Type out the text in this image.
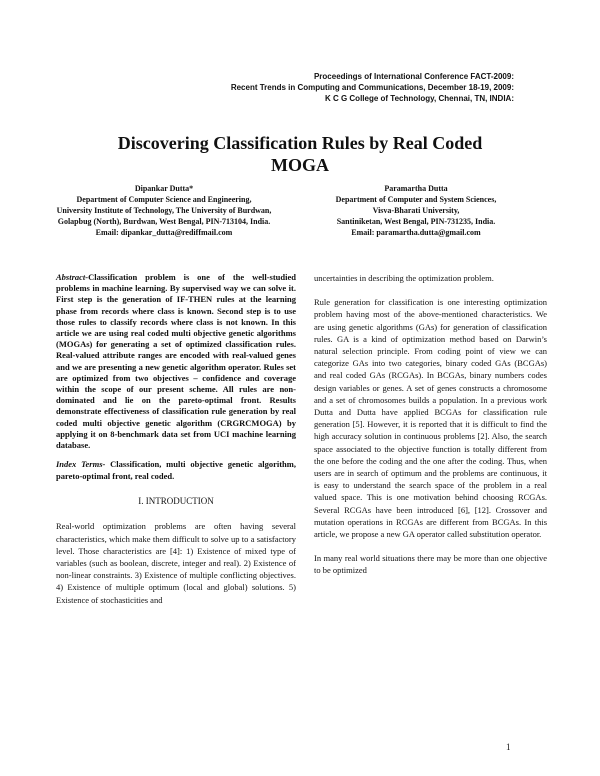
Proceedings of International Conference FACT-2009:
Recent Trends in Computing and Communications, December 18-19, 2009:
K C G College of Technology, Chennai, TN, INDIA:
Discovering Classification Rules by Real Coded
MOGA
Dipankar Dutta*
Department of Computer Science and Engineering,
University Institute of Technology, The University of Burdwan, Golapbug (North), Burdwan, West Bengal, PIN-713104, India.
Email: dipankar_dutta@rediffmail.com
Paramartha Dutta
Department of Computer and System Sciences,
Visva-Bharati University,
Santiniketan, West Bengal, PIN-731235, India.
Email: paramartha.dutta@gmail.com

Abstract-Classification problem is one of the well-studied problems in machine learning. By supervised way we can solve it. First step is the generation of IF-THEN rules at the learning phase from records where class is known. Second step is to use those rules to classify records where class is not known. In this article we are using real coded multi objective genetic algorithms (MOGAs) for generating a set of optimized classification rules. Real-valued attribute ranges are encoded with real-valued genes and we are presenting a new genetic algorithm operator. Rules set are optimized from two objectives – confidence and coverage within the scope of our present scheme. All rules are non-dominated and lie on the pareto-optimal front. Results demonstrate effectiveness of classification rule generation by real coded multi objective genetic algorithm (CRGRCMOGA) by applying it on 8-benchmark data set from UCI machine learning database.

Index Terms- Classification, multi objective genetic algorithm, pareto-optimal front, real coded.

I. INTRODUCTION

Real-world optimization problems are often having several characteristics, which make them difficult to solve up to a satisfactory level. Those characteristics are [4]: 1) Existence of mixed type of variables (such as boolean, discrete, integer and real). 2) Existence of non-linear constraints. 3) Existence of multiple conflicting objectives. 4) Existence of multiple optimum (local and global) solutions. 5) Existence of stochasticities and

uncertainties in describing the optimization problem.

Rule generation for classification is one interesting optimization problem having most of the above-mentioned characteristics. We are using genetic algorithms (GAs) for generation of classification rules. GA is a kind of optimization method based on Darwin’s natural selection principle. From coding point of view we can categorize GAs into two categories, binary coded GAs (BCGAs) and real coded GAs (RCGAs). In BCGAs, binary numbers codes design variables or genes. A set of genes constructs a chromosome and a set of chromosomes builds a population. In a previous work Dutta and Dutta have applied BCGAs for classification rule generation [5]. However, it is reported that it is difficult to find the high accuracy solution in continuous problems [2]. Also, the search space associated to the objective function is totally different from the one before the coding and the one after the coding. Thus, when users are in search of optimum and the problems are continuous, it is easy to understand the search space of the problem in a real valued space. This is one motivation behind choosing RCGAs. Several RCGAs have been introduced [6], [12]. Crossover and mutation operations in RCGAs are different from BCGAs. In this article, we propose a new GA operator called substitution operator.

In many real world situations there may be more than one objective to be optimized

1
